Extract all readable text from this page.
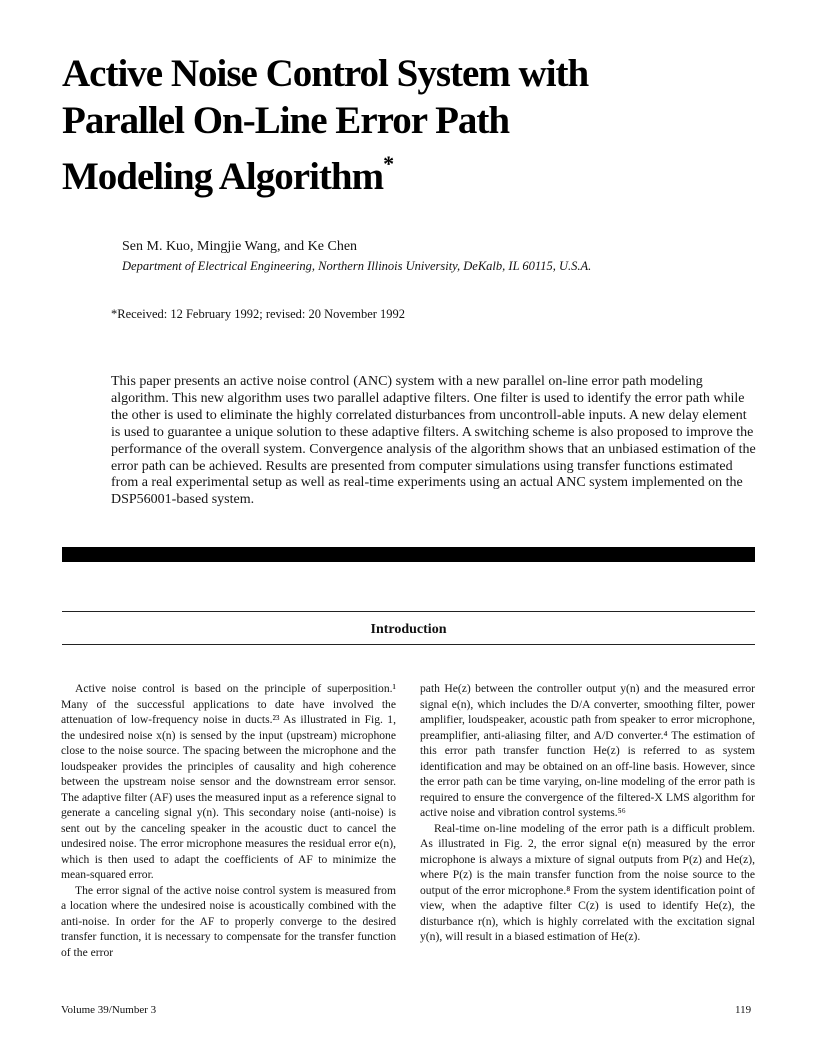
Active Noise Control System with
Parallel On-Line Error Path
Modeling Algorithm*
Sen M. Kuo, Mingjie Wang, and Ke Chen
Department of Electrical Engineering, Northern Illinois University, DeKalb, IL 60115, U.S.A.
*Received: 12 February 1992; revised: 20 November 1992

This paper presents an active noise control (ANC) system with a new parallel on-line error path modeling algorithm. This new algorithm uses two parallel adaptive filters. One filter is used to identify the error path while the other is used to eliminate the highly correlated disturbances from uncontroll-able inputs. A new delay element is used to guarantee a unique solution to these adaptive filters. A switching scheme is also proposed to improve the performance of the overall system. Convergence analysis of the algorithm shows that an unbiased estimation of the error path can be achieved. Results are presented from computer simulations using transfer functions estimated from a real experimental setup as well as real-time experiments using an actual ANC system implemented on the DSP56001-based system.

Introduction

Active noise control is based on the principle of superposition.¹ Many of the successful applications to date have involved the attenuation of low-frequency noise in ducts.²³ As illustrated in Fig. 1, the undesired noise x(n) is sensed by the input (upstream) microphone close to the noise source. The spacing between the microphone and the loudspeaker provides the principles of causality and high coherence between the upstream noise sensor and the downstream error sensor. The adaptive filter (AF) uses the measured input as a reference signal to generate a canceling signal y(n). This secondary noise (anti-noise) is sent out by the canceling speaker in the acoustic duct to cancel the undesired noise. The error microphone measures the residual error e(n), which is then used to adapt the coefficients of AF to minimize the mean-squared error.

The error signal of the active noise control system is measured from a location where the undesired noise is acoustically combined with the anti-noise. In order for the AF to properly converge to the desired transfer function, it is necessary to compensate for the transfer function of the error

path He(z) between the controller output y(n) and the measured error signal e(n), which includes the D/A converter, smoothing filter, power amplifier, loudspeaker, acoustic path from speaker to error microphone, preamplifier, anti-aliasing filter, and A/D converter.⁴ The estimation of this error path transfer function He(z) is referred to as system identification and may be obtained on an off-line basis. However, since the error path can be time varying, on-line modeling of the error path is required to ensure the convergence of the filtered-X LMS algorithm for active noise and vibration control systems.⁵⁶

Real-time on-line modeling of the error path is a difficult problem. As illustrated in Fig. 2, the error signal e(n) measured by the error microphone is always a mixture of signal outputs from P(z) and He(z), where P(z) is the main transfer function from the noise source to the output of the error microphone.⁸ From the system identification point of view, when the adaptive filter C(z) is used to identify He(z), the disturbance r(n), which is highly correlated with the excitation signal y(n), will result in a biased estimation of He(z).

Volume 39/Number 3	119
